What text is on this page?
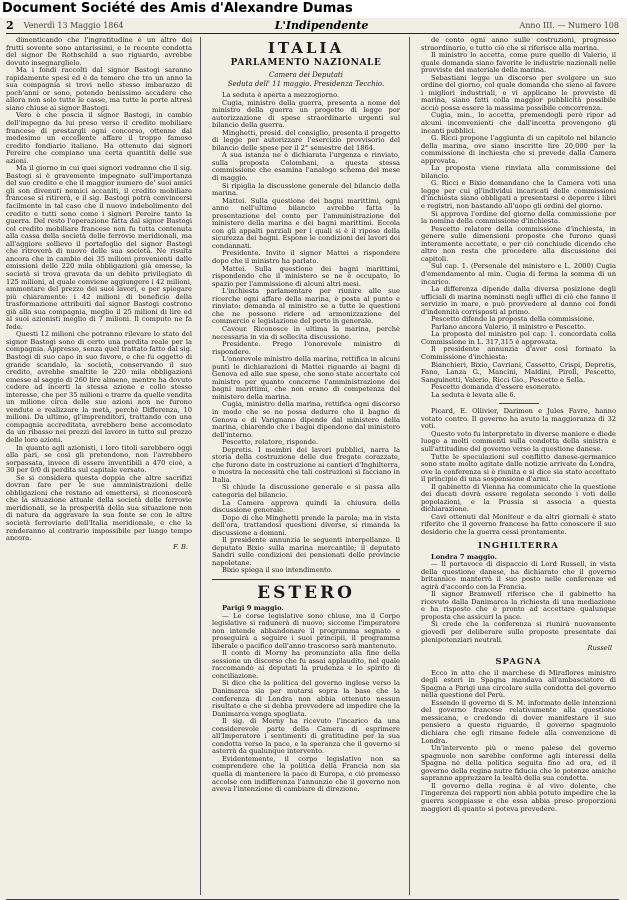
Document Société des Amis d'Alexandre Dumas
2 Venerdì 13 Maggio 1864	L'Indipendente	Anno III. — Numero 108

dimenticando che l'ingratitudine è un altro dei frutti sovente sono antarissimi, e le recente condotta del signor De Rothschild a suo riguardo, avrebbe dovuto insegnarglielo.

Ma i fondi raccolti dal signor Bastogi saranno rapidamente spesi ed è da temere che tra un anno la sua compagnia si trovi nello stesso imbarazzo di poch'anni or sono, potendo benissimo accadere che allora non solo tutte le casse, ma tutte le porte altresì siano chiuse ai signor Bastogi.

Vero è che poscia il signor Bastogi, in cambio dell'impegno da lui preso verso il credito mobiliare francese di prestargli ogni concorso, ottenne dal medesimo un eccellente affare il troppo famoso credito fondiario italiano. Ha ottenuto dai signori Pereire che compiano una certa quantità delle sue azioni.

Ma il giorno in cui quei signori vedranno che il sig. Bastogi si è gravemente impegnato sull'importanza del suo credito e che il maggior numero de' suoi amici gli son divenuti nemici accaniti, il credito mobiliare francese si ritirerà, e il sig. Bastogi potrà convincersi facilmente in tal caso che il nuovo indebolimento del credito e tutti sono come i signori Pereire tanto la guerra. Del resto l'operazione fatta dal signor Bastogi col credito mobiliare francese non fu tutta contenuta alla cassa della società delle ferrovie meridionali, ma all'aggiore sollievo il portafoglio del signor Bastogi che ritroverà di nuovo delle sua società. Ne risulta ancora che in cambio dei 35 milioni provenienti dalle emissioni delle 220 mila obbligazioni già emesse, la società si trova gravata da un debito privilegiato di 125 milioni, al quale conviene aggiungere i 42 milioni, ammontare del prezzo dei suoi lavori, e per spiegare più chiaramente: i 42 milioni di beneficio della trasformazione attribuiti dal signor Bastogi costrono già alla sua compagnia, meglio il 25 milioni di lire ed al suoi azionisti meglio di 7 milioni. Il computo ne fa fede.

Questi 12 milioni che potranno rilevare lo stato del signor Bastogi sono di certo una perdita reale per la compagnia. Appresso, senza quel trattato fatto dal sig. Bastogi di suo capo in suo favore, e che fu oggetto di grande scandalo, la società, conservando il suo credito, avrebbe smaltite le 220 mila obbligazioni emesse al saggio di 260 lire almeno, mentre ha dovuto cedere ad incerti la stessa azione e collo stesso interesse, che per 35 milioni e trarre da quelle vendita un milione circa delle sue azioni non ne furono vendute e realizzare la metà, perchè Differenza, 10 milioni. Da ultimo, gl'imprenditori, trattando con una compagnia accreditata, avrebbero bene accomodato da un ribasso nei prezzi del lavoro in tutto sul prezzo delle loro azioni.

In quanto agli azionisti, i loro titoli sarebbero oggi alla pari, se così gli pretendono, non l'avrebbero sorpassata, invece di essere inventibili a 470 cioè, a 30 per 0/0 di perdita sul capitale versato.

Se si considera questa doppia che altre sacrifizi dovran fare per le sue amministrazioni delle obbligazioni che restano ad emettersi, si riconoscerà che la situazione attuale della società delle ferrovie meridionali, se la prosperità della sua situazione non di natura da aggravare la sua fonte se con le altre società ferroviarie dell'Italia meridionale, e che la renderanno al contrario impossibile per lungo tempo ancora.

F. B.
ITALIA
PARLAMENTO NAZIONALE
Camera dei Deputati
Seduta dell' 11 maggio. Presidenza Tecchio.

La seduta è aperta a mezzogiorno.

Cugia, ministro della guerra, presenta a nome del ministro della guerra un progetto di legge per autorizzazione di spese straordinarie urgenti sul bilancio della guerra.

Minghetti, presid. del consiglio, presenta il progetto di legge per autorizzare l'esercizio provvisorio del bilancio delle spese per il 2° semestre del 1864.

A sua istanza ne è dichiarata l'urgenza e rinviato, sulla proposta Colombani, a questa stessa commissione che esamina l'analogo schema del mese di maggio.

Si ripiglia la discussione generale del bilancio della marina.

Mattei. Sulla questione dei bagni marittimi, ogni anno nell'ultimo bilancio avrebbe fatta la presentazione del conto per l'amministrazione del ministero della marina e dei bagni marittimi. Eccola con gli appalti parziali per i quali si è il riposo della sicurezza dei bagni. Espone le condizioni dei lavori dei condannati.

Presidente. Invito il signor Mattei a rispondere dopo che il ministro ha parlato.

Mattei. Sulla questione dei bagni marittimi, rispondendo che il ministero se ne è occupato, lo spazio per l'ammissione di alcuni altri mesi.

L'inchiesta parlamentare per riunire alle sue ricerche ogni affare della marina, è posta al punto e rinviato: domanda al ministro se a tutte le questioni che ne possono ridere ad armonizzazione del commercio e legislazione del porto in generale.

Cavour. Riconosce in ultima la marina, perchè necessaria in via di sollecita discussione.

Presidente. Prego l'onorevole ministro di rispondere.

L'onorevole ministro della marina, rettifica in alcuni punti le dichiarazioni di Mattei riguardo ai bagni di Genova ed alle sue spese, che sono state accertate col ministro per quanto concerne l'amministrazione dei bagni marittimi, che non erano di competenza del ministero della marina.

Cugia, ministro della marina, rettifica ogni discorso in modo che se ne possa dedurre che il bagno di Genova e di Varignano dipende dal ministero della marina, chiarendo che i bagni dipendono dal ministero dell'interno.

Pescetto, relatore, risponde.

Depretis. I membri dei lavori pubblici, narra la storia della costruzione delle due fregate corazzate, che furono date in costruzione ai cantieri d'Inghilterra, e mostra la necessità che tali costruzioni si facciano in Italia.

Si chiude la discussione generale e si passa alla categoria del bilancio.

La Camera approva quindi la chiusura della discussione generale.

Dopo di che Minghetti prende la parola; ma in vista dell'ora, trattandosi questioni diverse, si rimanda la discussione a domani.

Il presidente annunzia le seguenti interpellanze. Il deputato Bixio sulla marina mercantile; il deputato Sandri sulle condizioni dei pensionati delle provincie napoletane.

Bixio spiega il suo intendimento.

ESTERO

Parigi 9 maggio.

— Le corse legislative sono chiuse, ma il Corpo legislativo si radunerà di nuovo; siccome l'imperatore non intende abbandonare il programma segnato e proseguirà a seguire i suoi principii, il programma liberale e pacifico dell'anno trascorso sarà mantenuto.

Il conte di Morny ha pronunziato alla fine della sessione un discorso che fu assai applaudito, nel quale raccomandò ai deputati la prudenza e lo spirito di conciliazione.

Si dice che la politica del governo inglese verso la Danimarca sia per mutarsi sopra la base che la conferenza di Londra non abbia ottenuto nessun risultato e che si debba provvedere ad impedire che la Danimarca venga spogliata.

Il sig. di Morny ha ricevuto l'incarico da una considerevole parte della Camera di esprimere all'Imperatore i sentimenti di gratitudine per la sua condotta verso la pace, e la speranza che il governo si asterrà da qualunque intervento.

Evidentemente, il corpo legislativo non sa comprendere che la politica della Francia non sia quella di mantenere la pace di Europa, e ciò premesso accolse con indifferenza l'annunzio che il governo non aveva l'intenzione di cambiare di direzione.

de conto ogni anno sulle costruzioni, progresso straordinario, e tutto ciò che si riferisce alla marina.

Il ministro lo accetta, come pure quello di Valerio, il quale domanda siano favorite le industrie nazionali nelle provviste del materiale della marina.

Sebastiani legge un discorso per svolgere un suo ordine del giorno, col quale domanda che sieno al favore i migliori industriali, e vi applicano le provviste di marina, siano fatti colla maggior pubblicità possibile acciò possa essere la massima possibile concorrenza.

Cugia, min., lo accetta, premendogli però ripor ad alcuni inconvenienti che dall'incetta provengono gli incanti pubblici.

G. Ricci propone l'aggiunta di un capitolo nel bilancio della marina, ove siano inscritte lire 20,000 per la commissione di inchiesta che si prevede dalla Camera approvata.

La proposta viene rinviata alla commissione del bilancio.

G. Ricci e Bixio domandano che la Camera voti una legge per cui gl'individui incaricati delle commissioni d'inchiesta siano obbligati a presentarsi e deporre i libri e registri, non bastando all'uopo gli ordini del giorno.

Si approva l'ordine del giorno della commissione per la nomina della commissione d'inchiesta.

Pescetto relatore della commissione d'inchiesta, in genere sulle dimensioni proposte che furono quasi interamente accettate, e per ciò conchiude dicendo che altro non resta che procedere alla discussione dei capitoli.

Sul cap. 1. (Personale del ministero e L. 2000) Cugia d'emendamento al min. Cugia di ferma la somma di un incarico.

La differenza dipende dalla diversa posizione degli ufficiali di marina nominati negli uffici di ciò che fanno il servizio in mare, e può provvedere al danno coi fondi d'indennità corrisposti al primo.

Pescetto difende la proposta della commissione.

Parlano ancora Valerio, il ministro e Pescetto.

La proposta del ministro pel cap. 1. concordata colla Commissione in L. 317,315 è approvata.

Il presidente annunzia d'aver così formato la Commissione d'inchiesta:

Bianchieri, Bixio, Cavriani, Cassetto, Crispi, Depretis, Fano, Lanza G., Mancini, Maldini, Piroli, Pescetto, Sanguinetti, Valerio, Ricci Gio., Pescetto e Sella.

Pescetto domanda d'essere esonerato.

La seduta è levata alle 6.

Picard, E. Ollivier, Darimon e Jules Favre, hanno votato contro. Il governo ha avuto la maggioranza di 32 voti.

Questo voto fu interpretato in diverse maniere e diede luogo a molti commenti sulla condotta della sinistra e sull'attitudine del governo verso la questione danese.

Tutte le speculazioni sul conflitto danese-germanico sono state molto agitate dalle notizie arrivate da Londra, ove la conferenza si è riunita e si dice sia stato accettato il principio di una sospensione d'armi.

Il gabinetto di Vienna ha comunicato che la questione dei ducati dovrà essere regolata secondo i voti delle popolazioni, e la Prussia si associa a questa dichiarazione.

Cavi ottenuti dal Moniteur e da altri giornali è stato riferito che il governo francese ha fatto conoscere il suo desiderio che la guerra cessi prontamente.

INGHILTERRA

Londra 7 maggio.

— Il portavoce di dispaccio di Lord Russell, in vista della questione danese, ha dichiarato che il governo britannico manterrà il suo posto nelle conferenze ed agirà d'accordo con la Francia.

Il signor Bramwell riferisce che il gabinetto ha ricevuto dalla Danimarca la richiesta di una mediazione e ha risposto che è pronto ad accettare qualunque proposta che assicuri la pace.

Si crede che la conferenza si riunirà nuovamente giovedì per deliberare sulle proposte presentate dai plenipotenziari neutrali.

Russell
SPAGNA

Ecco in atto che il marchese di Miraflores ministro degli esteri in Spagna mandava all'ambasciatore di Spagna a Parigi una circolare sulla condotta del governo nella questione del Perù.

Essendo il governo di S. M. informato delle intenzioni del governo francese relativamente alla questione messicana, e credendo di dover manifestare il suo pensiero a questo riguardo, il governo spagnuolo dichiara che egli rimane fedele alla convenzione di Londra.

Un'intervento più o meno palese del governo spagnuolo non sarebbe conforme agli interessi della Spagna né della politica seguita fino ad ora, ed il governo della regina nutre fiducia che le potenze amiche sapranno apprezzare la lealtà della sua condotta.

Il governo della regina è al vivo dolente, che l'ingerenza dei rapporti non abbia potuto impedire che la guerra scoppiasse e che essa abbia preso proporzioni maggiori di quanto si poteva prevedere.
